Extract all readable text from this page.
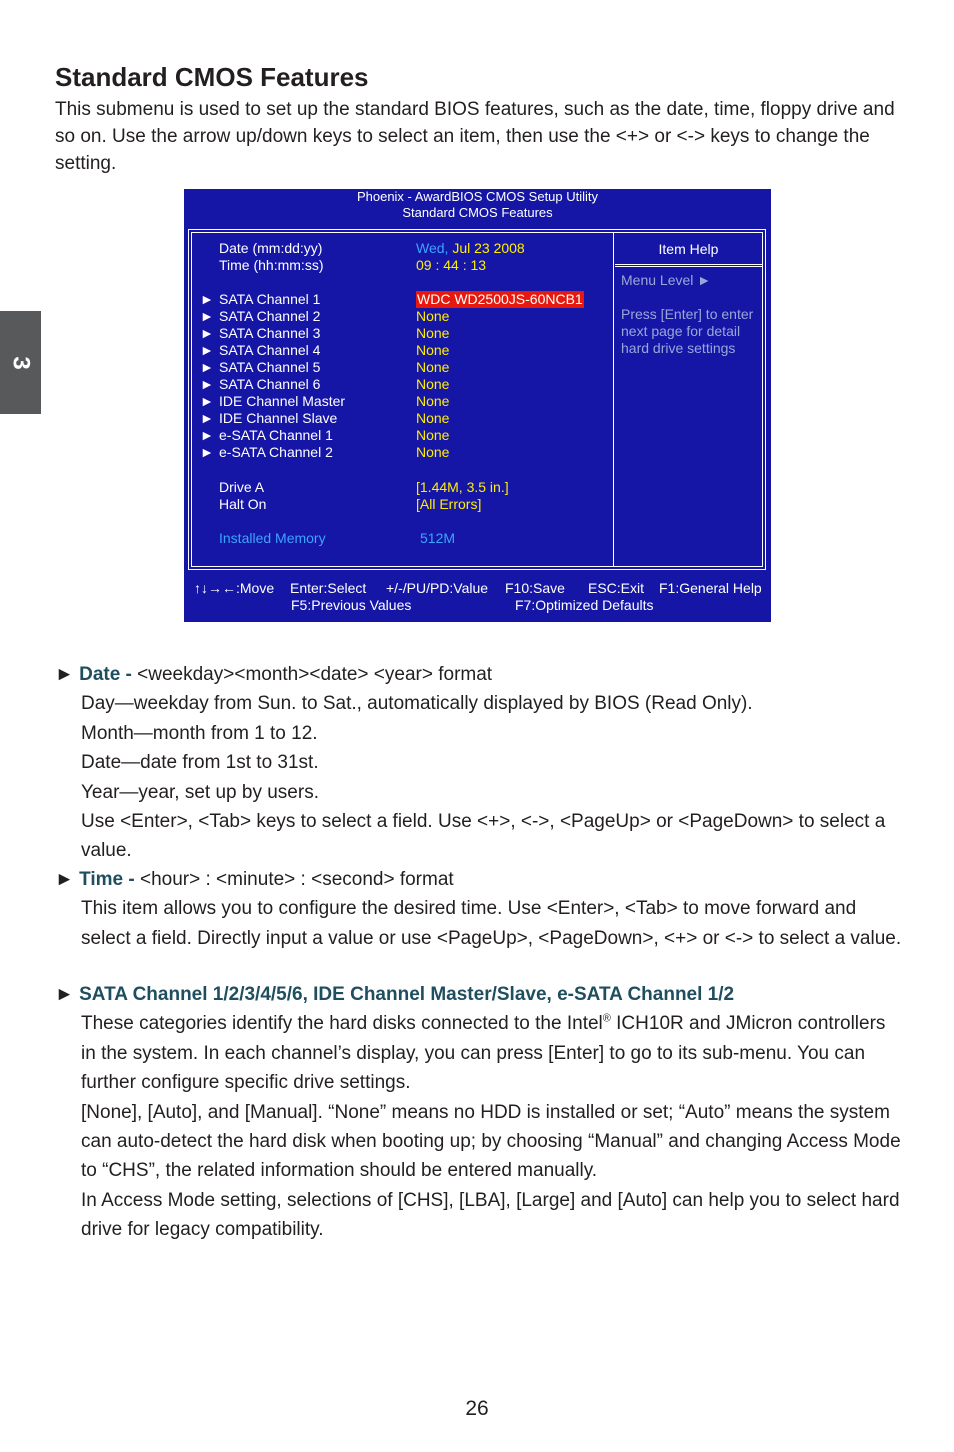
3
Standard CMOS Features

This submenu is used to set up the standard BIOS features, such as the date, time, floppy drive and so on. Use the arrow up/down keys to select an item, then use the <+> or <-> keys to change the setting.

Phoenix - AwardBIOS CMOS Setup Utility
Standard CMOS Features
Date (mm:dd:yy)	Wed, Jul 23 2008
Time (hh:mm:ss)	09 : 44 : 13
► SATA Channel 1	WDC WD2500JS-60NCB1
► SATA Channel 2	None
► SATA Channel 3	None
► SATA Channel 4	None
► SATA Channel 5	None
► SATA Channel 6	None
► IDE Channel Master	None
► IDE Channel Slave	None
► e-SATA Channel 1	None
► e-SATA Channel 2	None
Drive A	[1.44M, 3.5 in.]
Halt On	[All Errors]
Installed Memory	512M
Item Help

Menu Level ►

Press [Enter] to enter

next page for detail

hard drive settings

↑↓→←:Move Enter:Select +/-/PU/PD:Value F10:Save ESC:Exit F1:General Help
F5:Previous Values	F7:Optimized Defaults

► Date - <weekday><month><date> <year> format

Day—weekday from Sun. to Sat., automatically displayed by BIOS (Read Only).

Month—month from 1 to 12.

Date—date from 1st to 31st.

Year—year, set up by users.

Use <Enter>, <Tab> keys to select a field. Use <+>, <->, <PageUp> or <PageDown> to select a value.

► Time - <hour> : <minute> : <second> format

This item allows you to configure the desired time. Use <Enter>, <Tab> to move forward and select a field. Directly input a value or use <PageUp>, <PageDown>, <+> or <-> to select a value.

► SATA Channel 1/2/3/4/5/6, IDE Channel Master/Slave, e-SATA Channel 1/2

These categories identify the hard disks connected to the Intel® ICH10R and JMicron controllers in the system. In each channel’s display, you can press [Enter] to go to its sub-menu. You can further configure specific drive settings.

[None], [Auto], and [Manual]. “None” means no HDD is installed or set; “Auto” means the system can auto-detect the hard disk when booting up; by choosing “Manual” and changing Access Mode to “CHS”, the related information should be entered manually.

In Access Mode setting, selections of [CHS], [LBA], [Large] and [Auto] can help you to select hard drive for legacy compatibility.

26
